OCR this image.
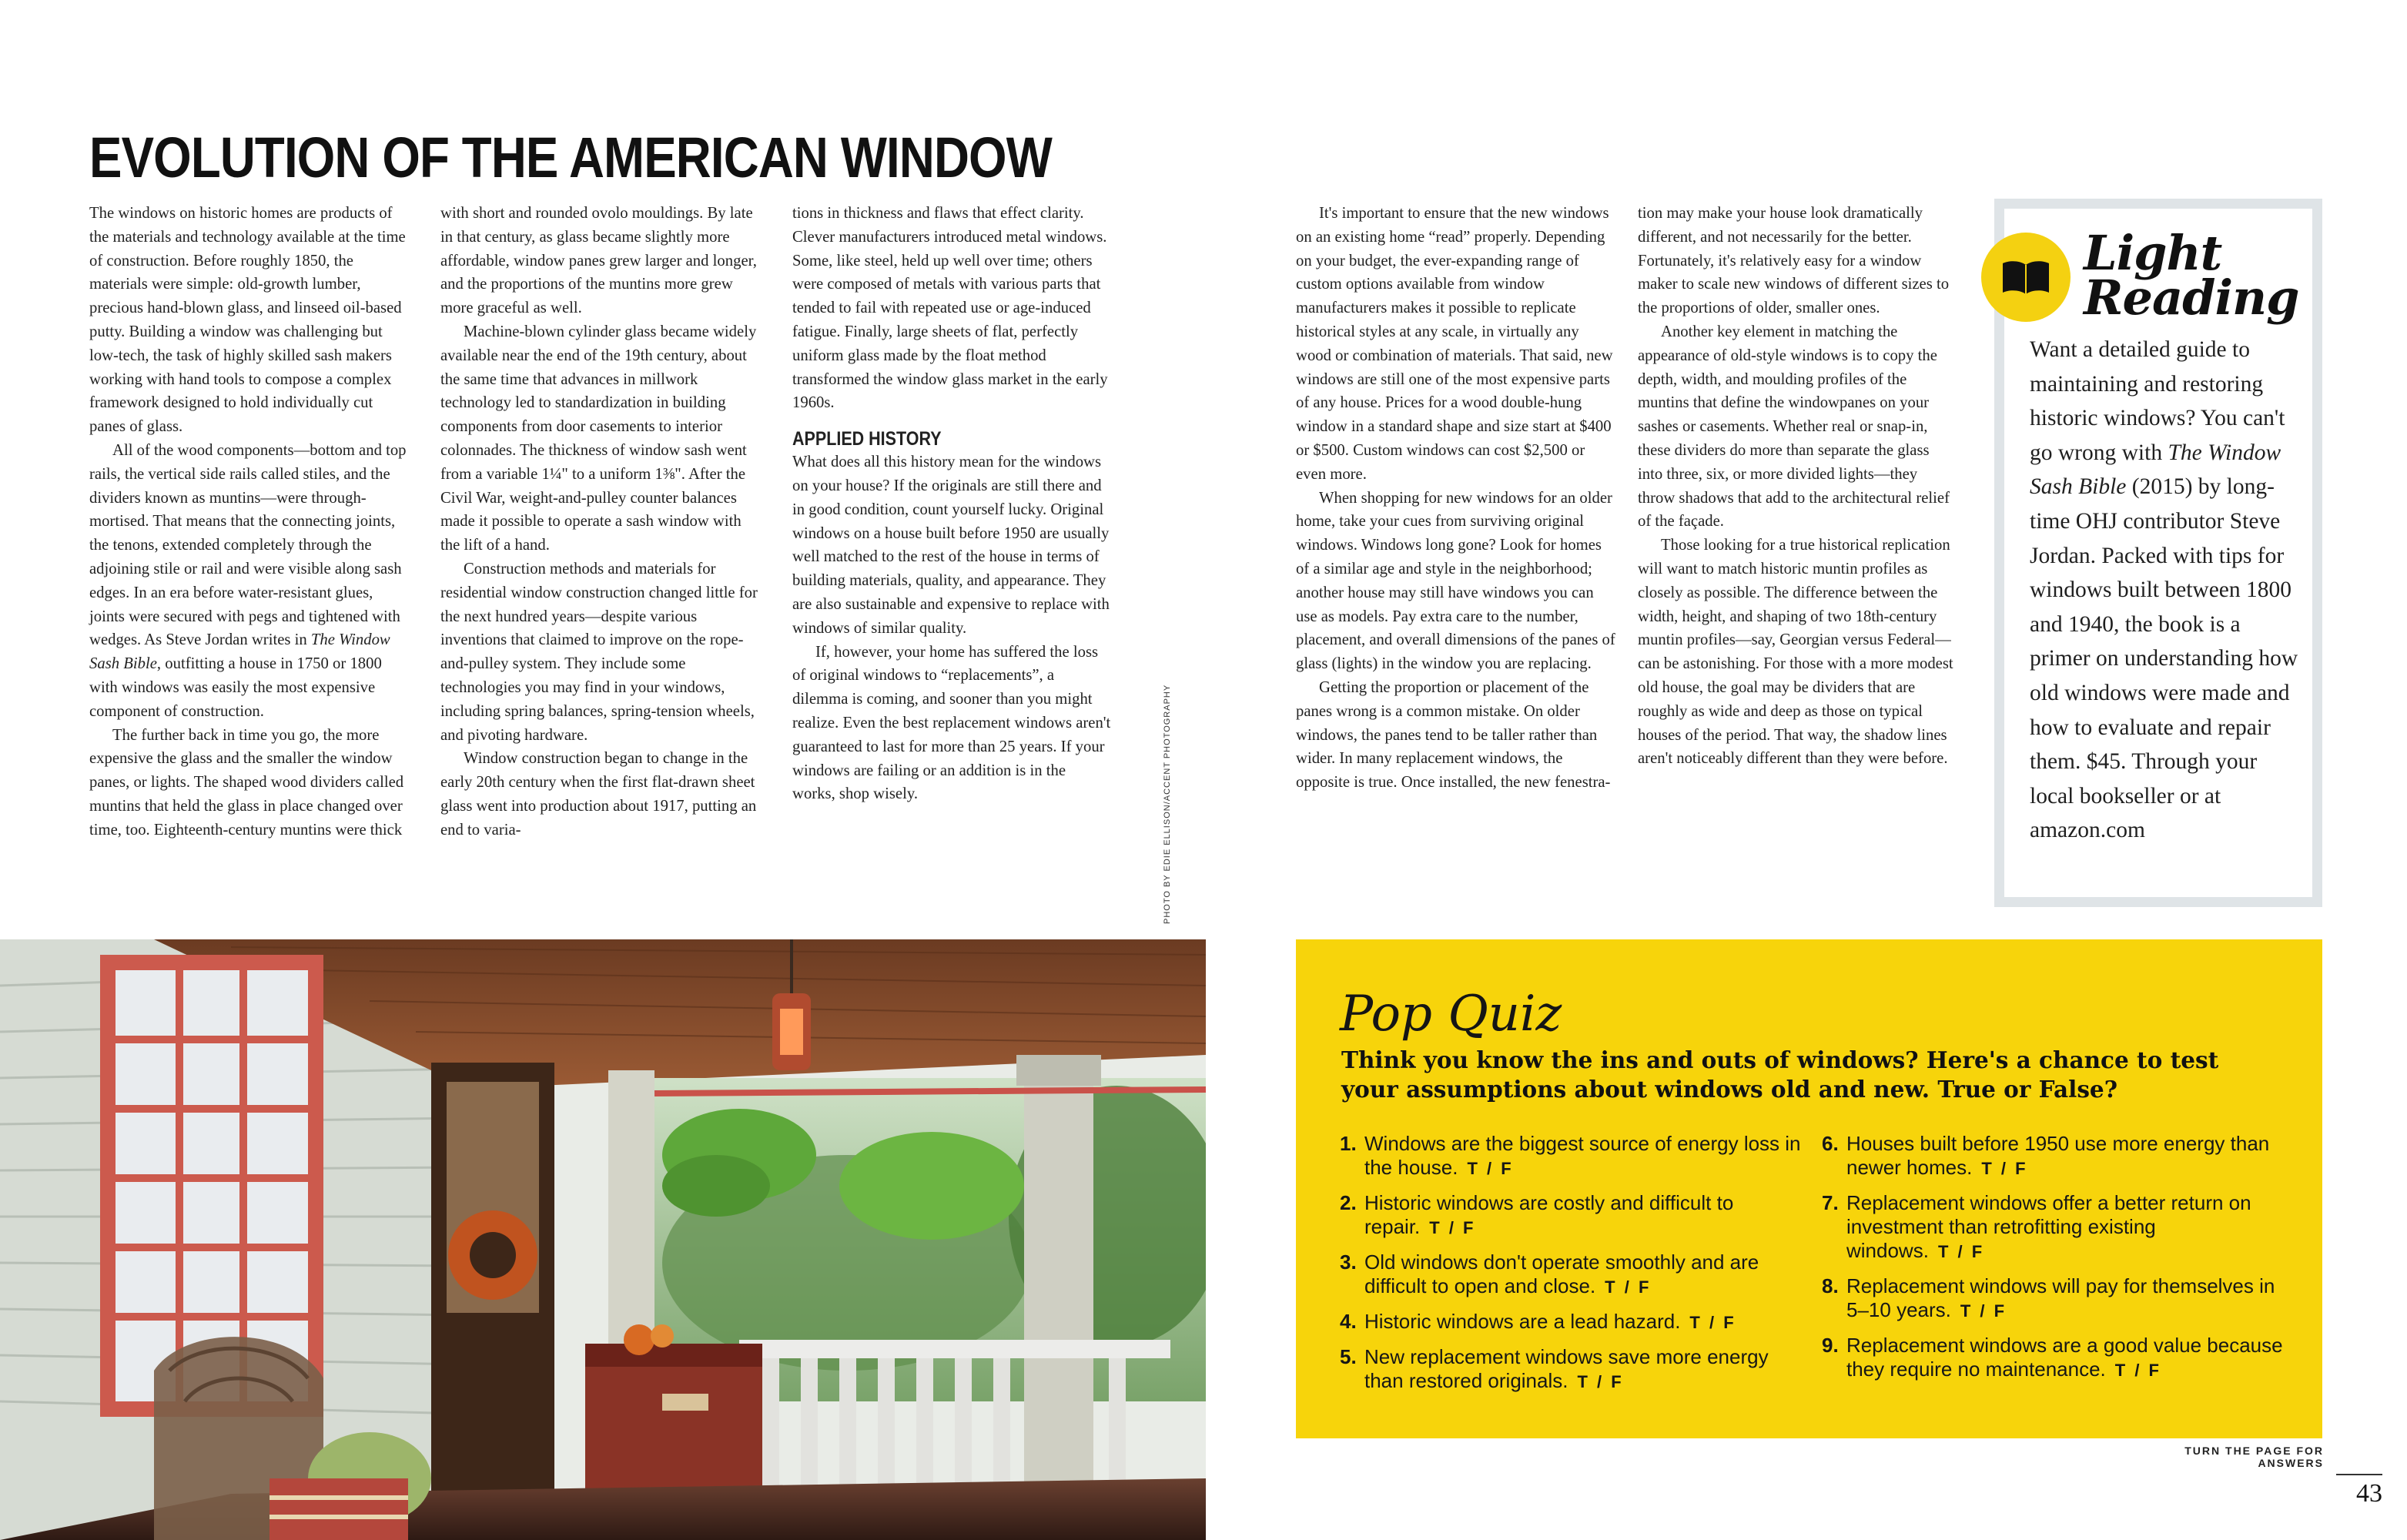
EVOLUTION OF THE AMERICAN WINDOW

The windows on historic homes are products of the materials and technology available at the time of construction. Before roughly 1850, the materials were simple: old-growth lumber, precious hand-blown glass, and linseed oil-based putty. Building a window was challenging but low-tech, the task of highly skilled sash makers working with hand tools to compose a complex framework designed to hold individually cut panes of glass.

All of the wood components—bottom and top rails, the vertical side rails called stiles, and the dividers known as muntins—were through-mortised. That means that the connecting joints, the tenons, extended completely through the adjoining stile or rail and were visible along sash edges. In an era before water-resistant glues, joints were secured with pegs and tightened with wedges. As Steve Jordan writes in The Window Sash Bible, outfitting a house in 1750 or 1800 with windows was easily the most expensive component of construction.

The further back in time you go, the more expensive the glass and the smaller the window panes, or lights. The shaped wood dividers called muntins that held the glass in place changed over time, too. Eighteenth-century muntins were thick

with short and rounded ovolo mouldings. By late in that century, as glass became slightly more affordable, window panes grew larger and longer, and the proportions of the muntins more grew more graceful as well.

Machine-blown cylinder glass became widely available near the end of the 19th century, about the same time that advances in millwork technology led to standardization in building components from door casements to interior colonnades. The thickness of window sash went from a variable 1¼" to a uniform 1⅜". After the Civil War, weight-and-pulley counter balances made it possible to operate a sash window with the lift of a hand.

Construction methods and materials for residential window construction changed little for the next hundred years—despite various inventions that claimed to improve on the rope-and-pulley system. They include some technologies you may find in your windows, including spring balances, spring-tension wheels, and pivoting hardware.

Window construction began to change in the early 20th century when the first flat-drawn sheet glass went into production about 1917, putting an end to varia-

tions in thickness and flaws that effect clarity. Clever manufacturers introduced metal windows. Some, like steel, held up well over time; others were composed of metals with various parts that tended to fail with repeated use or age-induced fatigue. Finally, large sheets of flat, perfectly uniform glass made by the float method transformed the window glass market in the early 1960s.

APPLIED HISTORY

What does all this history mean for the windows on your house? If the originals are still there and in good condition, count yourself lucky. Original windows on a house built before 1950 are usually well matched to the rest of the house in terms of building materials, quality, and appearance. They are also sustainable and expensive to replace with windows of similar quality.

If, however, your home has suffered the loss of original windows to “replacements”, a dilemma is coming, and sooner than you might realize. Even the best replacement windows aren't guaranteed to last for more than 25 years. If your windows are failing or an addition is in the works, shop wisely.	PHOTO BY EDIE ELLISON/ACCENT PHOTOGRAPHY

It's important to ensure that the new windows on an existing home “read” properly. Depending on your budget, the ever-expanding range of custom options available from window manufacturers makes it possible to replicate historical styles at any scale, in virtually any wood or combination of materials. That said, new windows are still one of the most expensive parts of any house. Prices for a wood double-hung window in a standard shape and size start at $400 or $500. Custom windows can cost $2,500 or even more.

When shopping for new windows for an older home, take your cues from surviving original windows. Windows long gone? Look for homes of a similar age and style in the neighborhood; another house may still have windows you can use as models. Pay extra care to the number, placement, and overall dimensions of the panes of glass (lights) in the window you are replacing.

Getting the proportion or placement of the panes wrong is a common mistake. On older windows, the panes tend to be taller rather than wider. In many replacement windows, the opposite is true. Once installed, the new fenestra-

tion may make your house look dramatically different, and not necessarily for the better. Fortunately, it's relatively easy for a window maker to scale new windows of different sizes to the proportions of older, smaller ones.

Another key element in matching the appearance of old-style windows is to copy the depth, width, and moulding profiles of the muntins that define the windowpanes on your sashes or casements. Whether real or snap-in, these dividers do more than separate the glass into three, six, or more divided lights—they throw shadows that add to the architectural relief of the façade.

Those looking for a true historical replication will want to match historic muntin profiles as closely as possible. The difference between the width, height, and shaping of two 18th-century muntin profiles—say, Georgian versus Federal—can be astonishing. For those with a more modest old house, the goal may be dividers that are roughly as wide and deep as those on typical houses of the period. That way, the shadow lines aren't noticeably different than they were before.

Light
Reading
Want a detailed guide to maintaining and restoring historic windows? You can't go wrong with The Window Sash Bible (2015) by long-time OHJ contributor Steve Jordan. Packed with tips for windows built between 1800 and 1940, the book is a primer on understanding how old windows were made and how to evaluate and repair them. $45. Through your local bookseller or at amazon.com
Pop Quiz
Think you know the ins and outs of windows? Here's a chance to test your assumptions about windows old and new. True or False?
1. Windows are the biggest source of energy loss in the house. T / F
2. Historic windows are costly and difficult to repair. T / F
3. Old windows don't operate smoothly and are difficult to open and close. T / F
4. Historic windows are a lead hazard. T / F
5. New replacement windows save more energy than restored originals. T / F
6. Houses built before 1950 use more energy than newer homes. T / F
7. Replacement windows offer a better return on investment than retrofitting existing windows. T / F
8. Replacement windows will pay for themselves in 5–10 years. T / F
9. Replacement windows are a good value because they require no maintenance. T / F
TURN THE PAGE FOR ANSWERS
43
